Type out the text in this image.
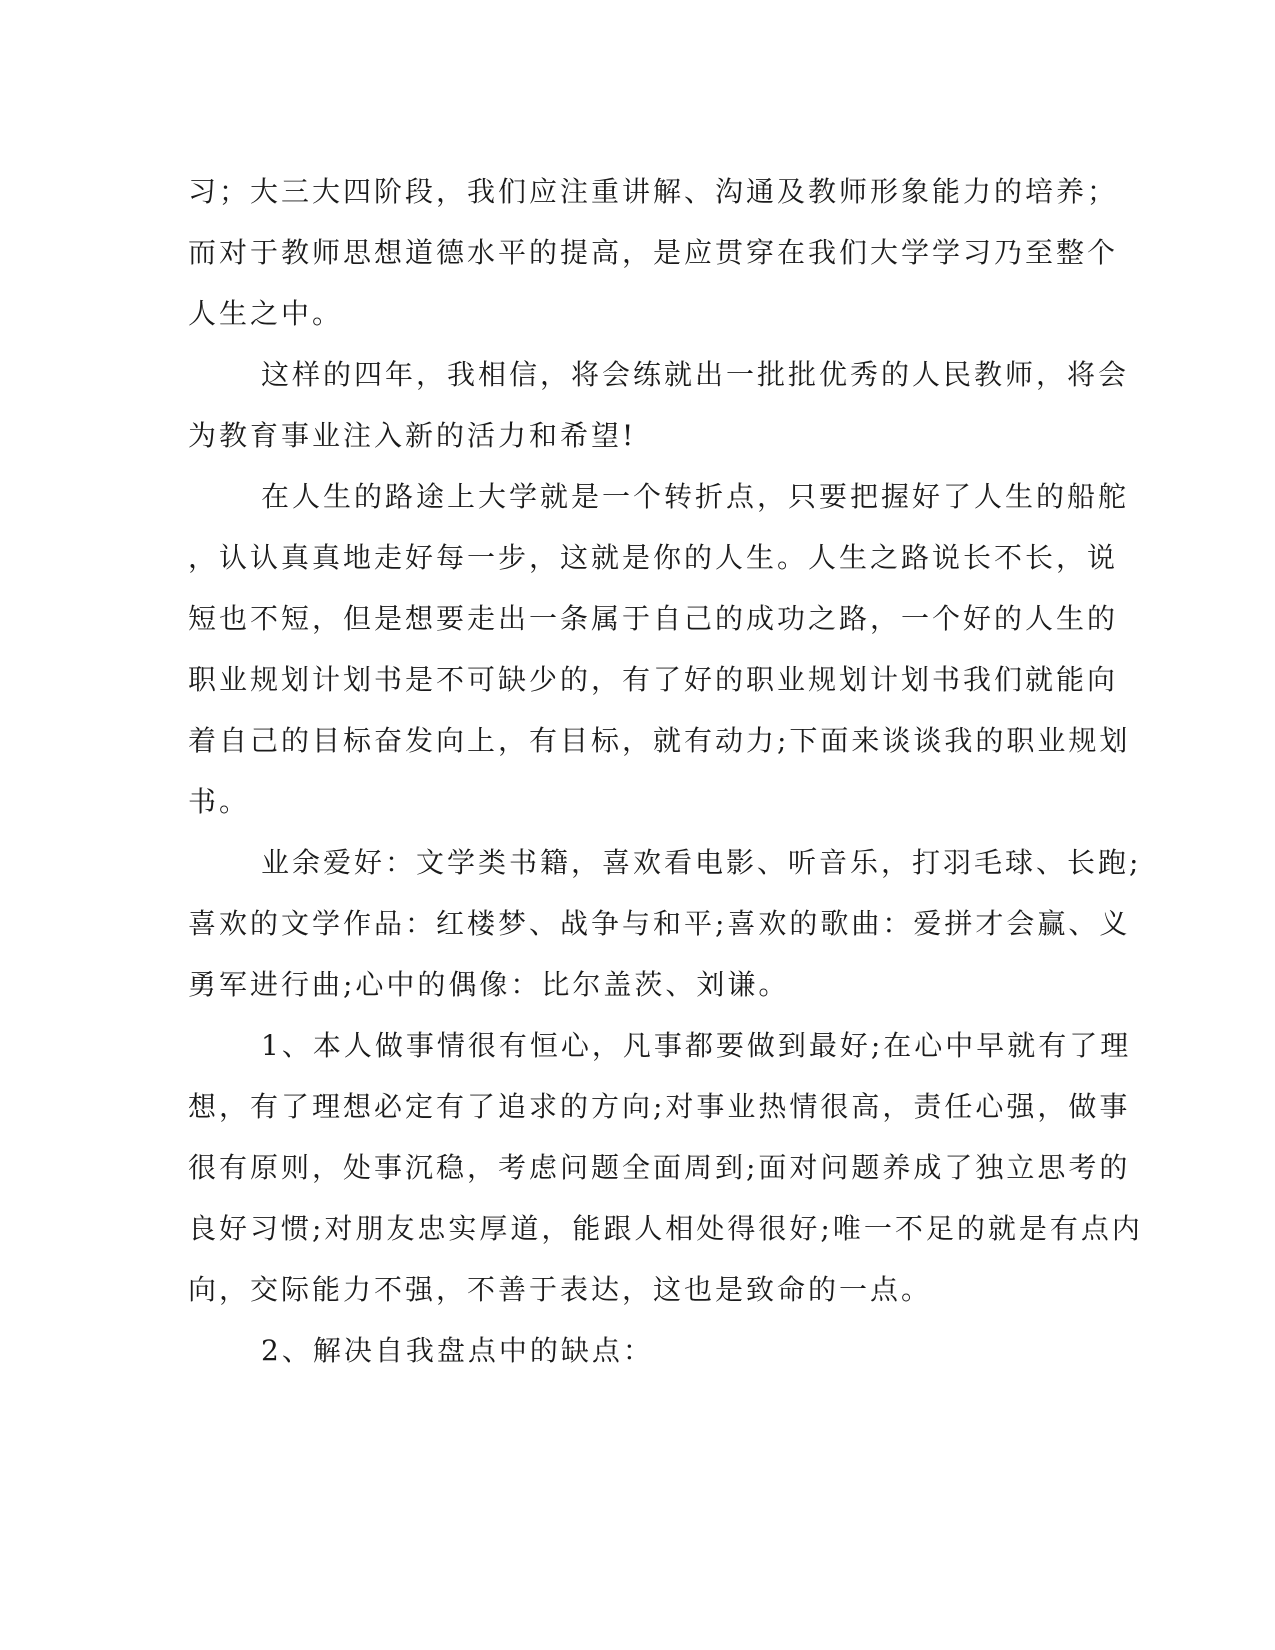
习；大三大四阶段，我们应注重讲解、沟通及教师形象能力的培养；
而对于教师思想道德水平的提高，是应贯穿在我们大学学习乃至整个
人生之中。
这样的四年，我相信，将会练就出一批批优秀的人民教师，将会
为教育事业注入新的活力和希望!
在人生的路途上大学就是一个转折点，只要把握好了人生的船舵
，认认真真地走好每一步，这就是你的人生。人生之路说长不长，说
短也不短，但是想要走出一条属于自己的成功之路，一个好的人生的
职业规划计划书是不可缺少的，有了好的职业规划计划书我们就能向
着自己的目标奋发向上，有目标，就有动力;下面来谈谈我的职业规划
书。
业余爱好：文学类书籍，喜欢看电影、听音乐，打羽毛球、长跑;
喜欢的文学作品：红楼梦、战争与和平;喜欢的歌曲：爱拼才会赢、义
勇军进行曲;心中的偶像：比尔盖茨、刘谦。
1、本人做事情很有恒心，凡事都要做到最好;在心中早就有了理
想，有了理想必定有了追求的方向;对事业热情很高，责任心强，做事
很有原则，处事沉稳，考虑问题全面周到;面对问题养成了独立思考的
良好习惯;对朋友忠实厚道，能跟人相处得很好;唯一不足的就是有点内
向，交际能力不强，不善于表达，这也是致命的一点。
2、解决自我盘点中的缺点：
